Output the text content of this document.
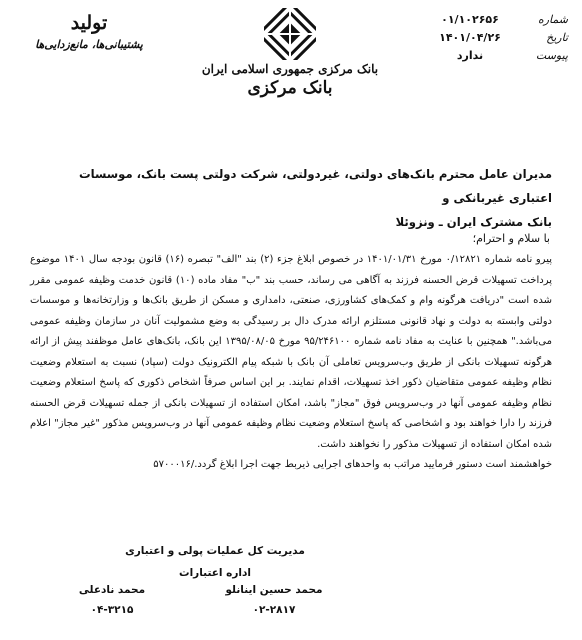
شماره
۰۱/۱۰۲۶۵۶
تاریخ
۱۴۰۱/۰۴/۲۶
پیوست
ندارد
بانک مرکزی جمهوری اسلامی ایران
بانک مرکزی
تولید
پشتیبانی‌ها، مانع‌زدایی‌ها
مدیران عامل محترم بانک‌های دولتی، غیردولتی، شرکت دولتی پست بانک، موسسات اعتباری غیربانکی و
بانک مشترک ایران ـ ونزوئلا
با سلام و احترام؛

پیرو نامه شماره ۰/۱۲۸۲۱ مورخ ۱۴۰۱/۰۱/۳۱ در خصوص ابلاغ جزء (۲) بند "الف" تبصره (۱۶) قانون بودجه سال ۱۴۰۱ موضوع پرداخت تسهیلات قرض الحسنه فرزند به آگاهی می رساند، حسب بند "ب" مفاد ماده (۱۰) قانون خدمت وظیفه عمومی مقرر شده است "دریافت هرگونه وام و کمک‌های کشاورزی، صنعتی، دامداری و مسکن از طریق بانک‌ها و وزارتخانه‌ها و موسسات دولتی وابسته به دولت و نهاد قانونی مستلزم ارائه مدرک دال بر رسیدگی به وضع مشمولیت آنان در سازمان وظیفه عمومی می‌باشد." همچنین با عنایت به مفاد نامه شماره ۹۵/۲۴۶۱۰۰ مورخ ۱۳۹۵/۰۸/۰۵ این بانک، بانک‌های عامل موظفند پیش از ارائه هرگونه تسهیلات بانکی از طریق وب‌سرویس تعاملی آن بانک با شبکه پیام الکترونیک دولت (سپاد) نسبت به استعلام وضعیت نظام وظیفه عمومی متقاضیان ذکور اخذ تسهیلات، اقدام نمایند. بر این اساس صرفاً اشخاص ذکوری که پاسخ استعلام وضعیت نظام وظیفه عمومی آنها در وب‌سرویس فوق "مجاز" باشد، امکان استفاده از تسهیلات بانکی از جمله تسهیلات قرض الحسنه فرزند را دارا خواهند بود و اشخاصی که پاسخ استعلام وضعیت نظام وظیفه عمومی آنها در وب‌سرویس مذکور "غیر مجاز" اعلام شده امکان استفاده از تسهیلات مذکور را نخواهند داشت.

خواهشمند است دستور فرمایید مراتب به واحدهای اجرایی ذیربط جهت اجرا ابلاغ گردد./۵۷۰۰۰۱۶

مدیریت کل عملیات پولی و اعتباری
اداره اعتبارات
محمد حسین اینانلو
۰۲-۲۸۱۷
محمد نادعلی
۰۴-۳۲۱۵
